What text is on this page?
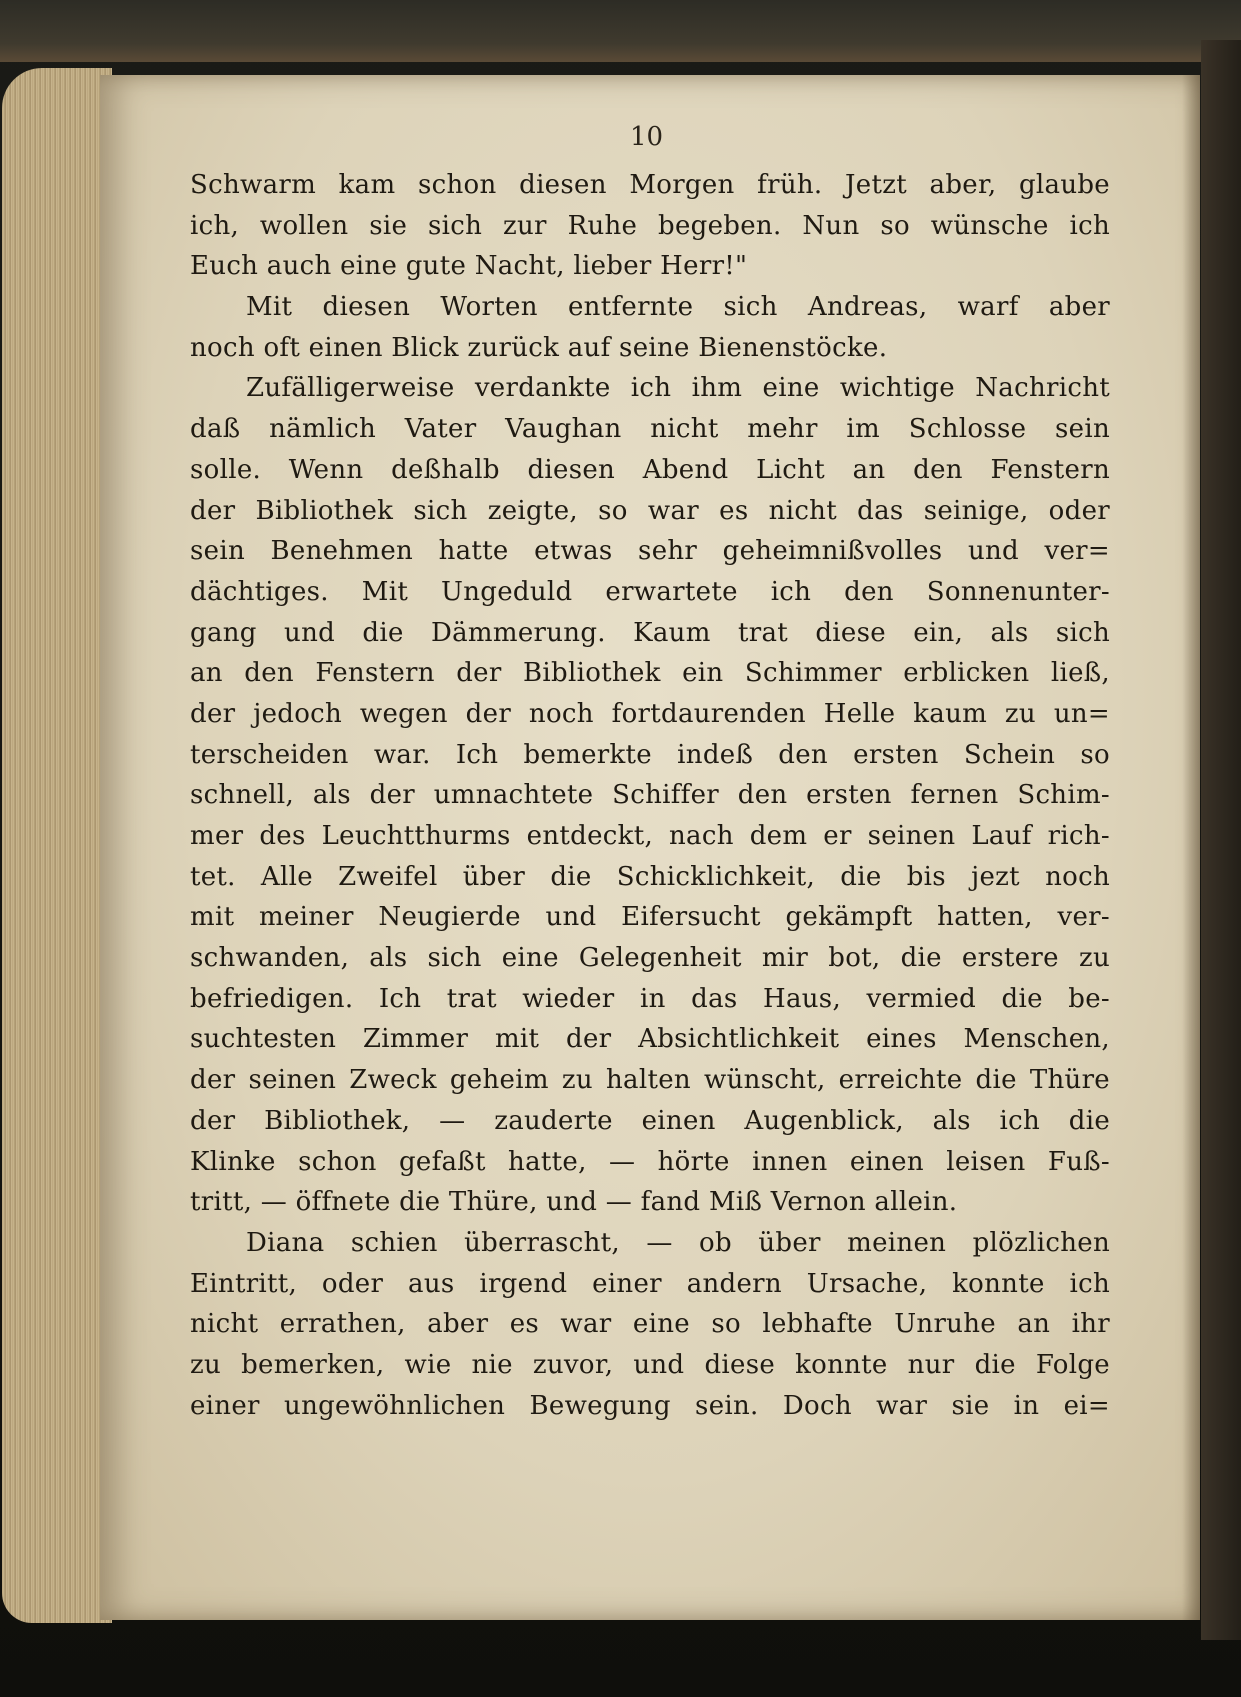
10
Schwarm kam schon diesen Morgen früh. Jetzt aber, glaube
ich, wollen sie sich zur Ruhe begeben. Nun so wünsche ich
Euch auch eine gute Nacht, lieber Herr!"
Mit diesen Worten entfernte sich Andreas, warf aber
noch oft einen Blick zurück auf seine Bienenstöcke.
Zufälligerweise verdankte ich ihm eine wichtige Nachricht
daß nämlich Vater Vaughan nicht mehr im Schlosse sein
solle. Wenn deßhalb diesen Abend Licht an den Fenstern
der Bibliothek sich zeigte, so war es nicht das seinige, oder
sein Benehmen hatte etwas sehr geheimnißvolles und ver=
dächtiges. Mit Ungeduld erwartete ich den Sonnenunter-
gang und die Dämmerung. Kaum trat diese ein, als sich
an den Fenstern der Bibliothek ein Schimmer erblicken ließ,
der jedoch wegen der noch fortdaurenden Helle kaum zu un=
terscheiden war. Ich bemerkte indeß den ersten Schein so
schnell, als der umnachtete Schiffer den ersten fernen Schim-
mer des Leuchtthurms entdeckt, nach dem er seinen Lauf rich-
tet. Alle Zweifel über die Schicklichkeit, die bis jezt noch
mit meiner Neugierde und Eifersucht gekämpft hatten, ver-
schwanden, als sich eine Gelegenheit mir bot, die erstere zu
befriedigen. Ich trat wieder in das Haus, vermied die be-
suchtesten Zimmer mit der Absichtlichkeit eines Menschen,
der seinen Zweck geheim zu halten wünscht, erreichte die Thüre
der Bibliothek, — zauderte einen Augenblick, als ich die
Klinke schon gefaßt hatte, — hörte innen einen leisen Fuß-
tritt, — öffnete die Thüre, und — fand Miß Vernon allein.
Diana schien überrascht, — ob über meinen plözlichen
Eintritt, oder aus irgend einer andern Ursache, konnte ich
nicht errathen, aber es war eine so lebhafte Unruhe an ihr
zu bemerken, wie nie zuvor, und diese konnte nur die Folge
einer ungewöhnlichen Bewegung sein. Doch war sie in ei=
